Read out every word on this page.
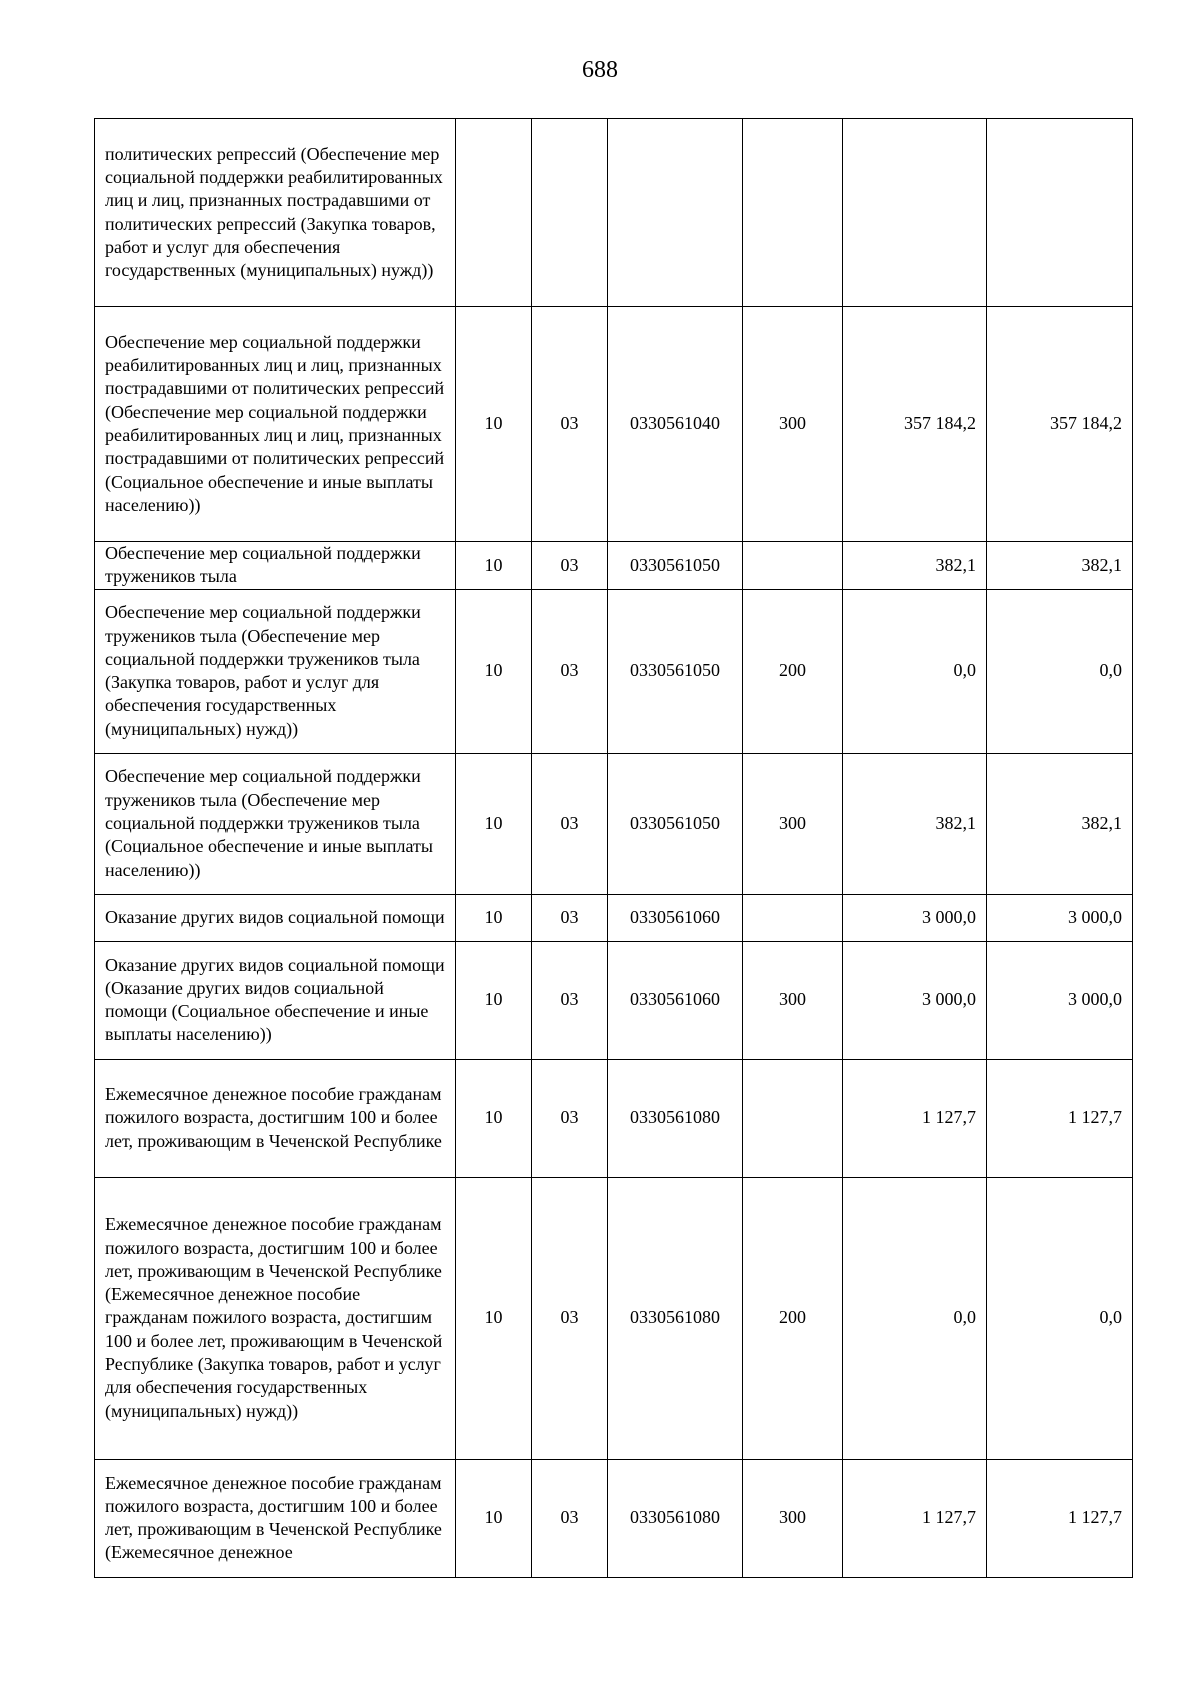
688
политических репрессий (Обеспечение мер социальной поддержки реабилитированных лиц и лиц, признанных пострадавшими от политических репрессий (Закупка товаров, работ и услуг для обеспечения государственных (муниципальных) нужд))						
Обеспечение мер социальной поддержки реабилитированных лиц и лиц, признанных пострадавшими от политических репрессий (Обеспечение мер социальной поддержки реабилитированных лиц и лиц, признанных пострадавшими от политических репрессий (Социальное обеспечение и иные выплаты населению))	10	03	0330561040	300	357 184,2	357 184,2
Обеспечение мер социальной поддержки тружеников тыла	10	03	0330561050		382,1	382,1
Обеспечение мер социальной поддержки тружеников тыла (Обеспечение мер социальной поддержки тружеников тыла (Закупка товаров, работ и услуг для обеспечения государственных (муниципальных) нужд))	10	03	0330561050	200	0,0	0,0
Обеспечение мер социальной поддержки тружеников тыла (Обеспечение мер социальной поддержки тружеников тыла (Социальное обеспечение и иные выплаты населению))	10	03	0330561050	300	382,1	382,1
Оказание других видов социальной помощи	10	03	0330561060		3 000,0	3 000,0
Оказание других видов социальной помощи (Оказание других видов социальной помощи (Социальное обеспечение и иные выплаты населению))	10	03	0330561060	300	3 000,0	3 000,0
Ежемесячное денежное пособие гражданам пожилого возраста, достигшим 100 и более лет, проживающим в Чеченской Республике	10	03	0330561080		1 127,7	1 127,7
Ежемесячное денежное пособие гражданам пожилого возраста, достигшим 100 и более лет, проживающим в Чеченской Республике (Ежемесячное денежное пособие гражданам пожилого возраста, достигшим 100 и более лет, проживающим в Чеченской Республике (Закупка товаров, работ и услуг для обеспечения государственных (муниципальных) нужд))	10	03	0330561080	200	0,0	0,0
Ежемесячное денежное пособие гражданам пожилого возраста, достигшим 100 и более лет, проживающим в Чеченской Республике (Ежемесячное денежное	10	03	0330561080	300	1 127,7	1 127,7
